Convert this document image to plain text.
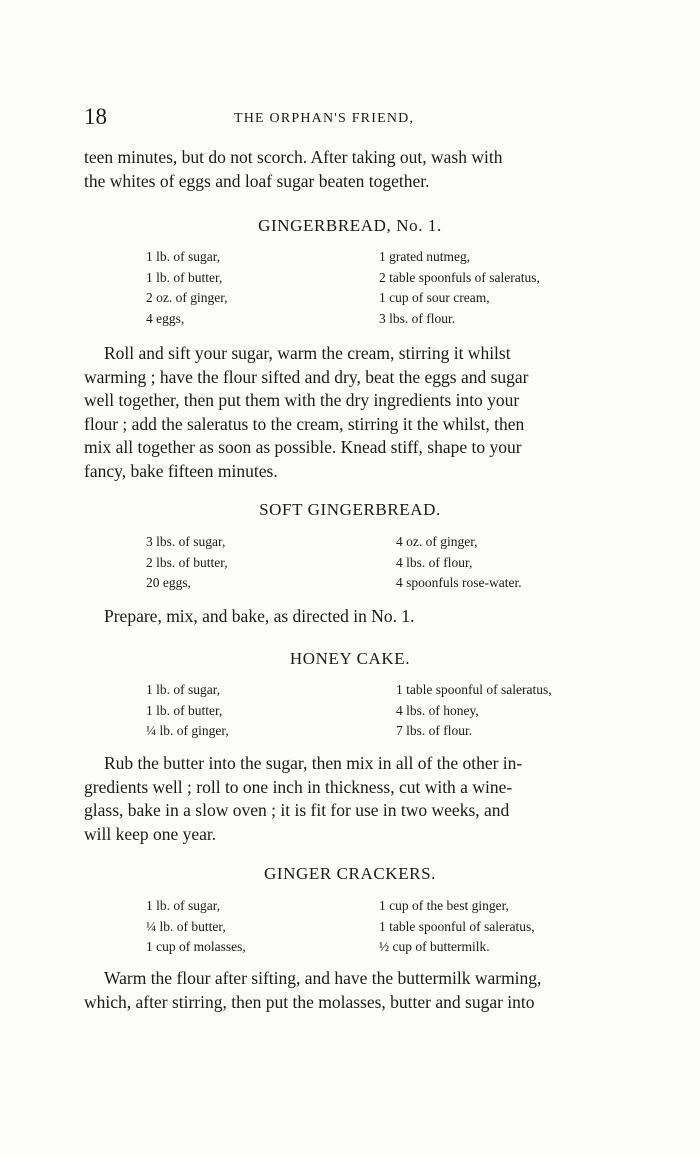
18	THE ORPHAN'S FRIEND,

teen minutes, but do not scorch. After taking out, wash with
the whites of eggs and loaf sugar beaten together.

GINGERBREAD, No. 1.
1 lb. of sugar,
1 lb. of butter,
2 oz. of ginger,
4 eggs,
1 grated nutmeg,
2 table spoonfuls of saleratus,
1 cup of sour cream,
3 lbs. of flour.

Roll and sift your sugar, warm the cream, stirring it whilst
warming ; have the flour sifted and dry, beat the eggs and sugar
well together, then put them with the dry ingredients into your
flour ; add the saleratus to the cream, stirring it the whilst, then
mix all together as soon as possible. Knead stiff, shape to your
fancy, bake fifteen minutes.

SOFT GINGERBREAD.
3 lbs. of sugar,
2 lbs. of butter,
20 eggs,
4 oz. of ginger,
4 lbs. of flour,
4 spoonfuls rose-water.

Prepare, mix, and bake, as directed in No. 1.

HONEY CAKE.
1 lb. of sugar,
1 lb. of butter,
¼ lb. of ginger,
1 table spoonful of saleratus,
4 lbs. of honey,
7 lbs. of flour.

Rub the butter into the sugar, then mix in all of the other in-
gredients well ; roll to one inch in thickness, cut with a wine-
glass, bake in a slow oven ; it is fit for use in two weeks, and
will keep one year.

GINGER CRACKERS.
1 lb. of sugar,
¼ lb. of butter,
1 cup of molasses,
1 cup of the best ginger,
1 table spoonful of saleratus,
½ cup of buttermilk.

Warm the flour after sifting, and have the buttermilk warming,
which, after stirring, then put the molasses, butter and sugar into
